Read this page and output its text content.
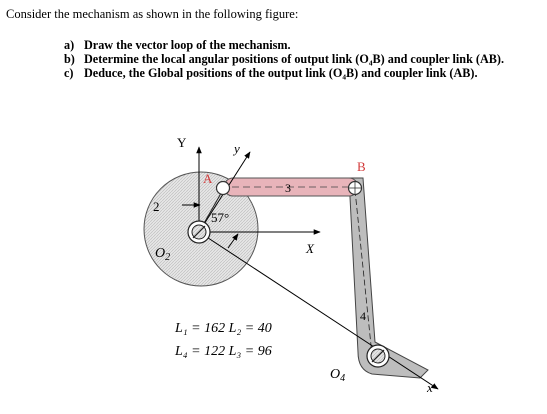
Consider the mechanism as shown in the following figure:
a) Draw the vector loop of the mechanism.
b) Determine the local angular positions of output link (O₄B) and coupler link (AB).
c) Deduce, the Global positions of the output link (O₄B) and coupler link (AB).
Y	y
X
x
A
B
2
3
4
57°
$O_2$
$O_4$
L₁ = 162 L₂ = 40
L₄ = 122 L₃ = 96
